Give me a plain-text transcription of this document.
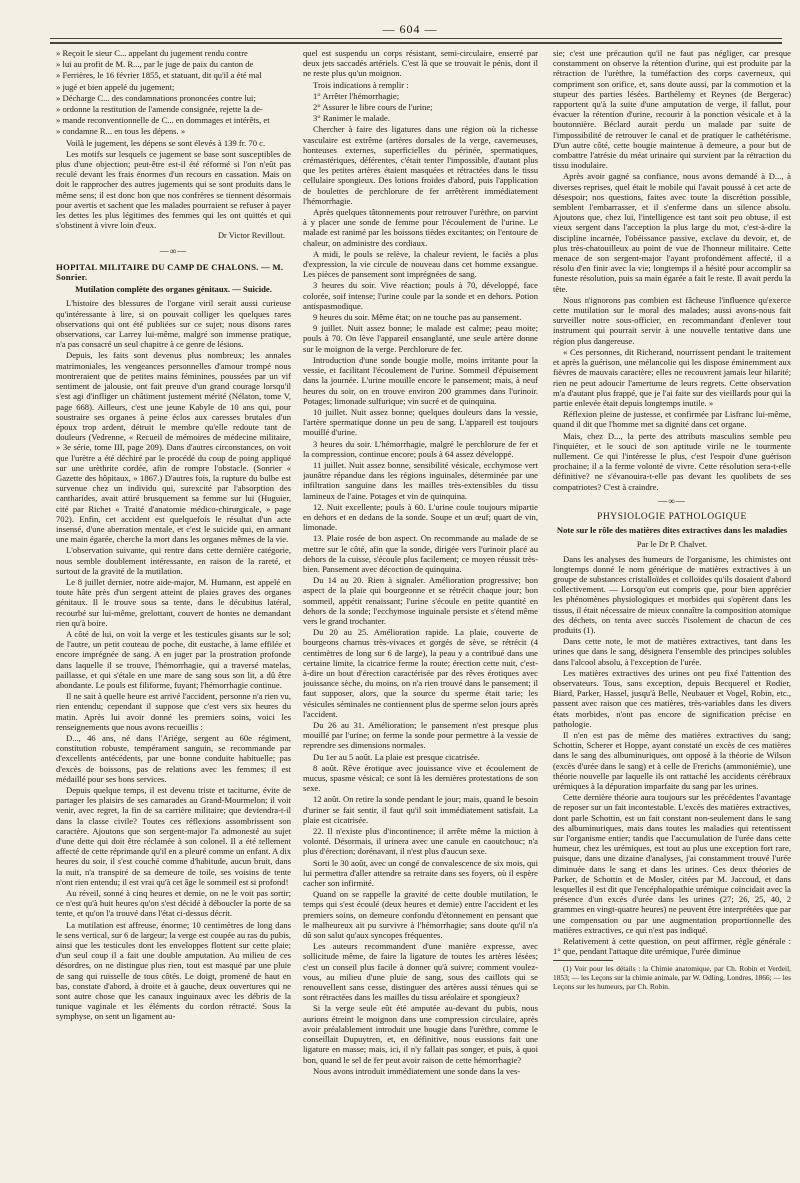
— 604 —

» Reçoit le sieur C... appelant du jugement rendu contre

» lui au profit de M. R..., par le juge de paix du canton de

» Ferrières, le 16 février 1855, et statuant, dit qu'il a été mal

» jugé et bien appelé du jugement;

» Décharge C... des condamnations prononcées contre lui;

» ordonne la restitution de l'amende consignée, rejette la de-

» mande reconventionnelle de C... en dommages et intérêts, et

» condamne R... en tous les dépens. »

Voilà le jugement, les dépens se sont élevés à 139 fr. 70 c.

Les motifs sur lesquels ce jugement se base sont susceptibles de plus d'une objection; peut-être est-il été réformé si l'on n'eût pas reculé devant les frais énormes d'un recours en cassation. Mais on doit le rapprocher des autres jugements qui se sont produits dans le même sens; il est donc bon que nos confrères se tiennent désormais pour avertis et sachent que les malades pourraient se refuser à payer les dettes les plus légitimes des femmes qui les ont quittés et qui s'obstinent à vivre loin d'eux.

Dr Victor Revillout.

—∞—

HOPITAL MILITAIRE DU CAMP DE CHALONS. — M. Sonrier.

Mutilation complète des organes génitaux. — Suicide.

L'histoire des blessures de l'organe viril serait aussi curieuse qu'intéressante à lire, si on pouvait colliger les quelques rares observations qui ont été publiées sur ce sujet; nous disons rares observations, car Larrey lui-même, malgré son immense pratique, n'a pas consacré un seul chapitre à ce genre de lésions.

Depuis, les faits sont devenus plus nombreux; les annales matrimoniales, les vengeances personnelles d'amour trompé nous montreraient que de petites mains féminines, poussées par un vif sentiment de jalousie, ont fait preuve d'un grand courage lorsqu'il s'est agi d'infliger un châtiment justement mérité (Nélaton, tome V, page 668). Ailleurs, c'est une jeune Kabyle de 10 ans qui, pour soustraire ses organes à peine éclos aux caresses brutales d'un époux trop ardent, détruit le membre qu'elle redoute tant de douleurs (Vedrenne, « Recueil de mémoires de médecine militaire, » 3e série, tome III, page 209). Dans d'autres circonstances, on voit que l'urètre a été déchiré par le procédé du coup de poing appliqué sur une urèthrite cordée, afin de rompre l'obstacle. (Sonrier « Gazette des hôpitaux, » 1867.) D'autres fois, la rupture du bulbe est survenue chez un individu qui, surexcité par l'absorption des cantharides, avait attiré brusquement sa femme sur lui (Huguier, cité par Richet « Traité d'anatomie médico-chirurgicale, » page 702). Enfin, cet accident est quelquefois le résultat d'un acte insensé, d'une aberration mentale, et c'est le suicide qui, en armant une main égarée, cherche la mort dans les organes mêmes de la vie.

L'observation suivante, qui rentre dans cette dernière catégorie, nous semble doublement intéressante, en raison de la rareté, et surtout de la gravité de la mutilation.

Le 8 juillet dernier, notre aide-major, M. Humann, est appelé en toute hâte près d'un sergent atteint de plaies graves des organes génitaux. Il le trouve sous sa tente, dans le décubitus latéral, recourbé sur lui-même, grelottant, couvert de hontes ne demandant rien qu'à boire.

A côté de lui, on voit la verge et les testicules gisants sur le sol; de l'autre, un petit couteau de poche, dit eustache, à lame effilée et encore imprégnée de sang. A en juger par la prostration profonde dans laquelle il se trouve, l'hémorrhagie, qui a traversé matelas, paillasse, et qui s'étale en une mare de sang sous son lit, a dû être abondante. Le pouls est filiforme, fuyant; l'hémorrhagie continue.

Il ne sait à quelle heure est arrivé l'accident, personne n'a rien vu, rien entendu; cependant il suppose que c'est vers six heures du matin. Après lui avoir donné les premiers soins, voici les renseignements que nous avons recueillis :

D..., 46 ans, né dans l'Ariége, sergent au 60e régiment, constitution robuste, tempérament sanguin, se recommande par d'excellents antécédents, par une bonne conduite habituelle; pas d'excès de boissons, pas de relations avec les femmes; il est médaillé pour ses bons services.

Depuis quelque temps, il est devenu triste et taciturne, évite de partager les plaisirs de ses camarades au Grand-Mourmelon; il voit venir, avec regret, la fin de sa carrière militaire; que deviendra-t-il dans la classe civile? Toutes ces réflexions assombrissent son caractère. Ajoutons que son sergent-major l'a admonesté au sujet d'une dette qui doit être réclamée à son colonel. Il a été tellement affecté de cette réprimande qu'il en a pleuré comme un enfant. A dix heures du soir, il s'est couché comme d'habitude, aucun bruit, dans la nuit, n'a transpiré de sa demeure de toile, ses voisins de tente n'ont rien entendu; il est vrai qu'à cet âge le sommeil est si profond!

Au réveil, sonné à cinq heures et demie, on ne le voit pas sortir; ce n'est qu'à huit heures qu'on s'est décidé à déboucler la porte de sa tente, et qu'on l'a trouvé dans l'état ci-dessus décrit.

La mutilation est affreuse, énorme; 10 centimètres de long dans le sens vertical, sur 6 de largeur; la verge est coupée au ras du pubis, ainsi que les testicules dont les enveloppes flottent sur cette plaie; d'un seul coup il a fait une double amputation. Au milieu de ces désordres, on ne distingue plus rien, tout est masqué par une pluie de sang qui ruisselle de tous côtés. Le doigt, promené de haut en bas, constate d'abord, à droite et à gauche, deux ouvertures qui ne sont autre chose que les canaux inguinaux avec les débris de la tunique vaginale et les éléments du cordon rétracté. Sous la symphyse, on sent un ligament au-

quel est suspendu un corps résistant, semi-circulaire, enserré par deux jets saccadés artériels. C'est là que se trouvait le pénis, dont il ne reste plus qu'un moignon.

Trois indications à remplir :

1° Arrêter l'hémorrhagie;

2° Assurer le libre cours de l'urine;

3° Ranimer le malade.

Chercher à faire des ligatures dans une région où la richesse vasculaire est extrême (artères dorsales de la verge, caverneuses, honteuses externes, superficielles du périnée, spermatiques, crémastériques, déférentes, c'était tenter l'impossible, d'autant plus que les petites artères étaient masquées et rétractées dans le tissu cellulaire spongieux. Des lotions froides d'abord, puis l'application de boulettes de perchlorure de fer arrêtèrent immédiatement l'hémorrhagie.

Après quelques tâtonnements pour retrouver l'urèthre, on parvint à y placer une sonde de femme pour l'écoulement de l'urine. Le malade est ranimé par les boissons tièdes excitantes; on l'entoure de chaleur, on administre des cordiaux.

A midi, le pouls se relève, la chaleur revient, le faciès a plus d'expression, la vie circule de nouveau dans cet homme exsangue. Les pièces de pansement sont imprégnées de sang.

3 heures du soir. Vive réaction; pouls à 70, développé, face colorée, soif intense; l'urine coule par la sonde et en dehors. Potion antispasmodique.

9 heures du soir. Même état; on ne touche pas au pansement.

9 juillet. Nuit assez bonne; le malade est calme; peau moite; pouls à 70. On lève l'appareil ensanglanté, une seule artère donne sur le moignon de la verge. Perchlorure de fer.

Introduction d'une sonde bougie molle, moins irritante pour la vessie, et facilitant l'écoulement de l'urine. Sommeil d'épuisement dans la journée. L'urine mouille encore le pansement; mais, à neuf heures du soir, on en trouve environ 200 grammes dans l'urinoir. Potages; limonade sulfurique; vin sucré et de quinquina.

10 juillet. Nuit assez bonne; quelques douleurs dans la vessie, l'artère spermatique donne un peu de sang. L'appareil est toujours mouillé d'urine.

3 heures du soir. L'hémorrhagie, malgré le perchlorure de fer et la compression, continue encore; pouls à 64 assez développé.

11 juillet. Nuit assez bonne, sensibilité vésicale, ecchymose vert jaunâtre répandue dans les régions inguinales, déterminée par une infiltration sanguine dans les mailles très-extensibles du tissu lamineux de l'aine. Potages et vin de quinquina.

12. Nuit excellente; pouls à 60. L'urine coule toujours mipartie en dehors et en dedans de la sonde. Soupe et un œuf; quart de vin, limonade.

13. Plaie rosée de bon aspect. On recommande au malade de se mettre sur le côté, afin que la sonde, dirigée vers l'urinoir placé au dehors de la cuisse, s'écoule plus facilement; ce moyen réussit très-bien. Pansement avec décoction de quinquina.

Du 14 au 20. Rien à signaler. Amélioration progressive; bon aspect de la plaie qui bourgeonne et se rétrécit chaque jour; bon sommeil, appétit renaissant; l'urine s'écoule en petite quantité en dehors de la sonde; l'ecchymose inguinale persiste et s'étend même vers le grand trochanter.

Du 20 au 25. Amélioration rapide. La plaie, couverte de bourgeons charnus très-vivaces et gorgés de sève, se rétrécit (4 centimètres de long sur 6 de large), la peau y a contribué dans une certaine limite, la cicatrice ferme la route; érection cette nuit, c'est-à-dire un bout d'érection caractérisée par des rêves érotiques avec jouissance sèche, du moins, on n'a rien trouvé dans le pansement; il faut supposer, alors, que la source du sperme était tarie; les vésicules séminales ne contiennent plus de sperme selon jours après l'accident.

Du 26 au 31. Amélioration; le pansement n'est presque plus mouillé par l'urine; on ferme la sonde pour permettre à la vessie de reprendre ses dimensions normales.

Du 1er au 5 août. La plaie est presque cicatrisée.

8 août. Rêve érotique avec jouissance vive et écoulement de mucus, spasme vésical; ce sont là les dernières protestations de son sexe.

12 août. On retire la sonde pendant le jour; mais, quand le besoin d'uriner se fait sentir, il faut qu'il soit immédiatement satisfait. La plaie est cicatrisée.

22. Il n'existe plus d'incontinence; il arrête même la miction à volonté. Désormais, il urinera avec une canule en caoutchouc; n'a plus d'érection; dorénavant, il n'est plus d'aucun sexe.

Sorti le 30 août, avec un congé de convalescence de six mois, qui lui permettra d'aller attendre sa retraite dans ses foyers, où il espère cacher son infirmité.

Quand on se rappelle la gravité de cette double mutilation, le temps qui s'est écoulé (deux heures et demie) entre l'accident et les premiers soins, on demeure confondu d'étonnement en pensant que le malheureux ait pu survivre à l'hémorrhagie; sans doute qu'il n'a dû son salut qu'aux syncopes fréquentes.

Les auteurs recommandent d'une manière expresse, avec sollicitude même, de faire la ligature de toutes les artères lésées; c'est un conseil plus facile à donner qu'à suivre; comment voulez-vous, au milieu d'une pluie de sang, sous des caillots qui se renouvellent sans cesse, distinguer des artères aussi ténues qui se sont rétractées dans les mailles du tissu aréolaire et spongieux?

Si la verge seule eût été amputée au-devant du pubis, nous aurions étreint le moignon dans une compression circulaire, après avoir préalablement introduit une bougie dans l'urèthre, comme le conseillait Dupuytren, et, en définitive, nous eussions fait une ligature en masse; mais, ici, il n'y fallait pas songer, et puis, à quoi bon, quand le sel de fer peut avoir raison de cette hémorrhagie?

Nous avons introduit immédiatement une sonde dans la ves-

sie; c'est une précaution qu'il ne faut pas négliger, car presque constamment on observe la rétention d'urine, qui est produite par la rétraction de l'urèthre, la tuméfaction des corps caverneux, qui compriment son orifice, et, sans doute aussi, par la commotion et la stupeur des parties lésées. Barthélemy et Reynes (de Bergerac) rapportent qu'à la suite d'une amputation de verge, il fallut, pour évacuer la rétention d'urine, recourir à la ponction vésicale et à la boutonnière. Béclard aurait perdu un malade par suite de l'impossibilité de retrouver le canal et de pratiquer le cathétérisme. D'un autre côté, cette bougie maintenue à demeure, a pour but de combattre l'atrésie du méat urinaire qui survient par la rétraction du tissu inodulaire.

Après avoir gagné sa confiance, nous avons demandé à D..., à diverses reprises, quel était le mobile qui l'avait poussé à cet acte de désespoir; nos questions, faites avec toute la discrétion possible, semblent l'embarrasser, et il s'enferme dans un silence absolu. Ajoutons que, chez lui, l'intelligence est tant soit peu obtuse, il est vieux sergent dans l'acception la plus large du mot, c'est-à-dire la discipline incarnée, l'obéissance passive, exclave du devoir, et, de plus très-chatouilleux au point de vue de l'honneur militaire. Cette menace de son sergent-major l'ayant profondément affecté, il a résolu d'en finir avec la vie; longtemps il a hésité pour accomplir sa funeste résolution, puis sa main égarée a fait le reste. Il avait perdu la tête.

Nous n'ignorons pas combien est fâcheuse l'influence qu'exerce cette mutilation sur le moral des malades; aussi avons-nous fait surveiller notre sous-officier, en recommandant d'enlever tout instrument qui pourrait servir à une nouvelle tentative dans une région plus dangereuse.

« Ces personnes, dit Richerand, nourrissent pendant le traitement et après la guérison, une mélancolie qui les dispose éminemment aux fièvres de mauvais caractère; elles ne recouvrent jamais leur hilarité; rien ne peut adoucir l'amertume de leurs regrets. Cette observation m'a d'autant plus frappé, que je l'ai faite sur des vieillards pour qui la partie enlevée était depuis longtemps inutile. »

Réflexion pleine de justesse, et confirmée par Lisfranc lui-même, quand il dit que l'homme met sa dignité dans cet organe.

Mais, chez D..., la perte des attributs masculins semble peu l'inquiéter, et le souci de son aptitude virile ne le tourmente nullement. Ce qui l'intéresse le plus, c'est l'espoir d'une guérison prochaine; il a la ferme volonté de vivre. Cette résolution sera-t-elle définitive? ne s'évanouira-t-elle pas devant les quolibets de ses compatriotes? C'est à craindre.

—∞—

PHYSIOLOGIE PATHOLOGIQUE

Note sur le rôle des matières dites extractives dans les maladies

Par le Dr P. Chalvet.

Dans les analyses des humeurs de l'organisme, les chimistes ont longtemps donné le nom générique de matières extractives à un groupe de substances cristalloïdes et colloïdes qu'ils dosaient d'abord collectivement. — Lorsqu'on eut compris que, pour bien apprécier les phénomènes physiologiques et morbides qui s'opèrent dans les tissus, il était nécessaire de mieux connaître la composition atomique des déchets, on tenta avec succès l'isolement de chacun de ces produits (1).

Dans cette note, le mot de matières extractives, tant dans les urines que dans le sang, désignera l'ensemble des principes solubles dans l'alcool absolu, à l'exception de l'urée.

Les matières extractives des urines ont peu fixé l'attention des observateurs. Tous, sans exception, depuis Becquerel et Rodier, Biard, Parker, Hassel, jusqu'à Belle, Neubauer et Vogel, Robin, etc., passent avec raison que ces matières, très-variables dans les divers états morbides, n'ont pas encore de signification précise en pathologie.

Il n'en est pas de même des matières extractives du sang; Schottin, Scherer et Hoppe, ayant constaté un excès de ces matières dans le sang des albuminuriques, ont opposé à la théorie de Wilson (excès d'urée dans le sang) et à celle de Frerichs (ammoniémie), une théorie nouvelle par laquelle ils ont rattaché les accidents cérébraux urémiques à la dépuration imparfaite du sang par les urines.

Cette dernière théorie aura toujours sur les précédentes l'avantage de reposer sur un fait incontestable. L'excès des matières extractives, dont parle Schottin, est un fait constant non-seulement dans le sang des albuminuriques, mais dans toutes les maladies qui retentissent sur l'organisme entier; tandis que l'accumulation de l'urée dans cette humeur, chez les urémiques, est tout au plus une exception fort rare, puisque, dans une dizaine d'analyses, j'ai constamment trouvé l'urée diminuée dans le sang et dans les urines. Ces deux théories de Parker, de Schottin et de Mosler, citées par M. Jaccoud, et dans lesquelles il est dit que l'encéphalopathie urémique coïncidait avec la présence d'un excès d'urée dans les urines (27; 26, 25, 40, 2 grammes en vingt-quatre heures) ne peuvent être interprétées que par une compensation ou par une augmentation proportionnelle des matières extractives, ce qui n'est pas indiqué.

Relativement à cette question, on peut affirmer, règle générale : 1° que, pendant l'attaque dite urémique, l'urée diminue

(1) Voir pour les détails : la Chimie anatomique, par Ch. Robin et Verdeil, 1853; — les Leçons sur la chimie animale, par W. Odling, Londres, 1866; — les Leçons sur les humeurs, par Ch. Robin.
